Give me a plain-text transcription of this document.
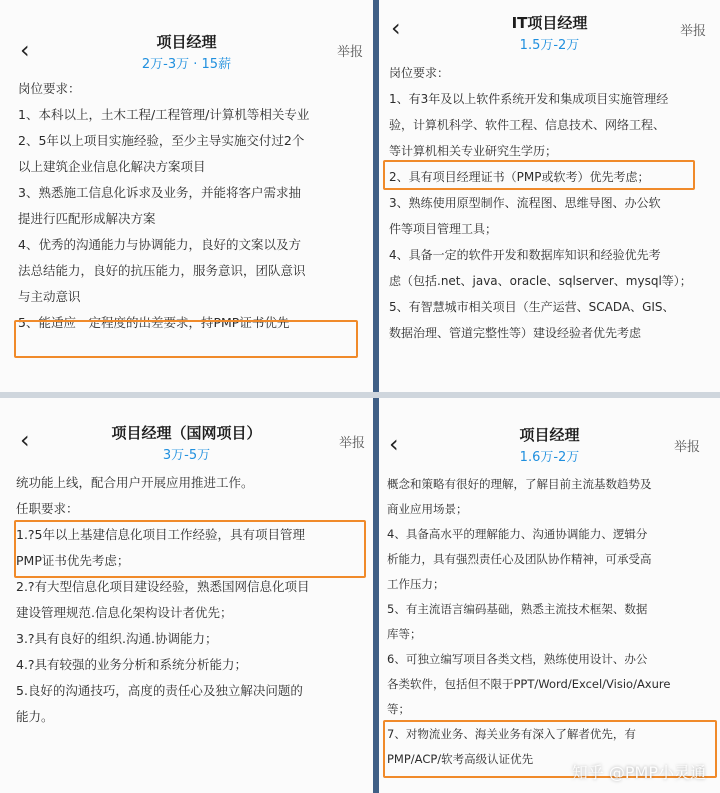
‹	项目经理
2万-3万 · 15薪
举报
岗位要求：
1、本科以上，土木工程/工程管理/计算机等相关专业
2、5年以上项目实施经验，至少主导实施交付过2个
以上建筑企业信息化解决方案项目
3、熟悉施工信息化诉求及业务，并能将客户需求抽
提进行匹配形成解决方案
4、优秀的沟通能力与协调能力，良好的文案以及方
法总结能力，良好的抗压能力，服务意识，团队意识
与主动意识
5、能适应一定程度的出差要求，持PMP证书优先
‹	IT项目经理
1.5万-2万
举报
岗位要求：
1、有3年及以上软件系统开发和集成项目实施管理经
验，计算机科学、软件工程、信息技术、网络工程、
等计算机相关专业研究生学历；
2、具有项目经理证书（PMP或软考）优先考虑；
3、熟练使用原型制作、流程图、思维导图、办公软
件等项目管理工具；
4、具备一定的软件开发和数据库知识和经验优先考
虑（包括.net、java、oracle、sqlserver、mysql等）；
5、有智慧城市相关项目（生产运营、SCADA、GIS、
数据治理、管道完整性等）建设经验者优先考虑
‹	项目经理（国网项目）
3万-5万
举报
统功能上线，配合用户开展应用推进工作。
任职要求：
1.?5年以上基建信息化项目工作经验，具有项目管理
PMP证书优先考虑；
2.?有大型信息化项目建设经验，熟悉国网信息化项目
建设管理规范.信息化架构设计者优先；
3.?具有良好的组织.沟通.协调能力；
4.?具有较强的业务分析和系统分析能力；
5.良好的沟通技巧，高度的责任心及独立解决问题的
能力。
‹	项目经理
1.6万-2万
举报
概念和策略有很好的理解，了解目前主流基数趋势及
商业应用场景；
4、具备高水平的理解能力、沟通协调能力、逻辑分
析能力，具有强烈责任心及团队协作精神，可承受高
工作压力；
5、有主流语言编码基础，熟悉主流技术框架、数据
库等；
6、可独立编写项目各类文档，熟练使用设计、办公
各类软件，包括但不限于PPT/Word/Excel/Visio/Axure
等；
7、对物流业务、海关业务有深入了解者优先，有
PMP/ACP/软考高级认证优先
知乎 @PMP小灵通
